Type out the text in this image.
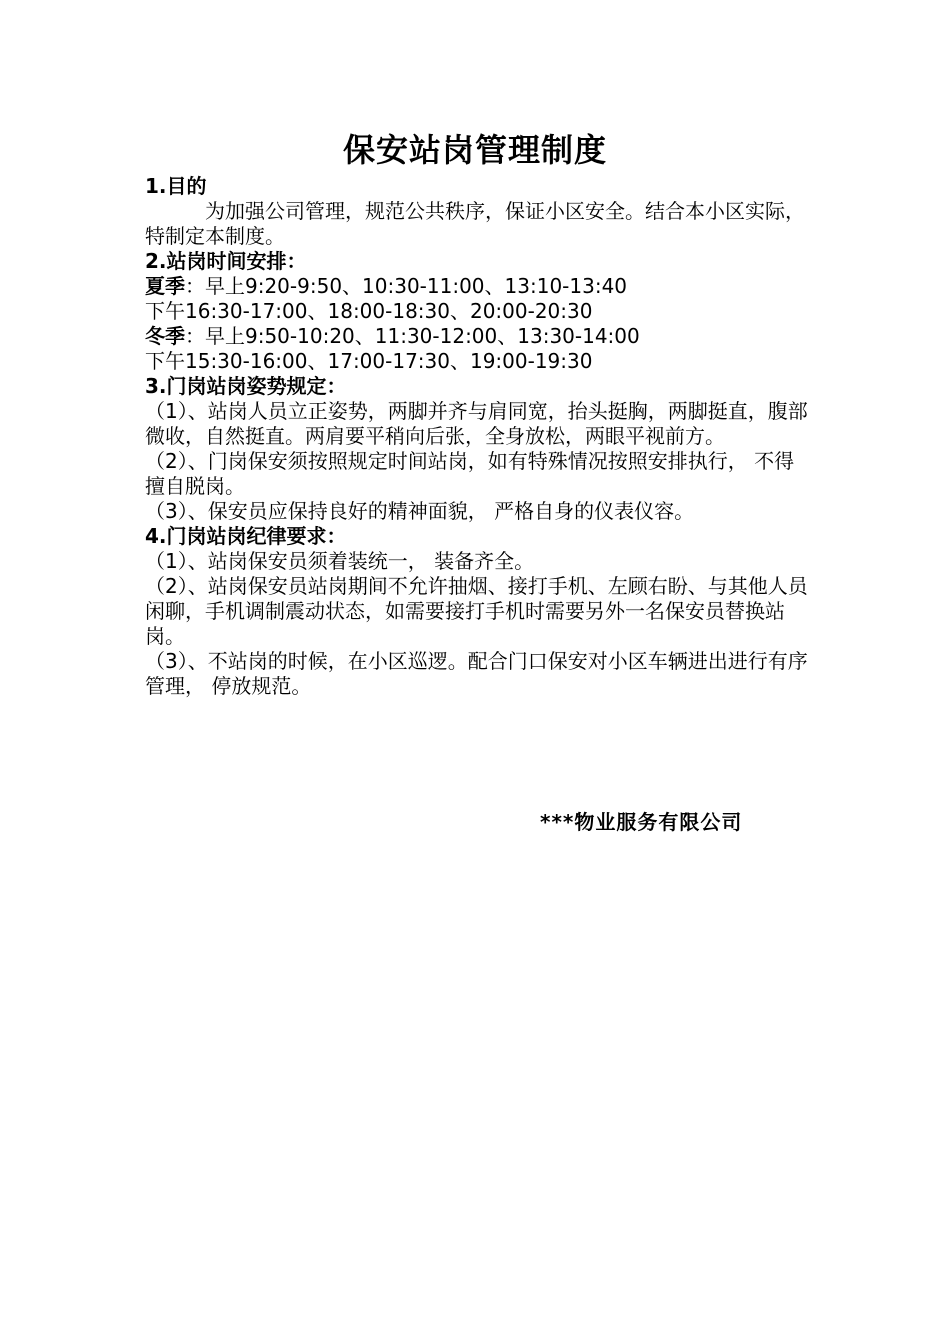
保安站岗管理制度

1.目的

为加强公司管理，规范公共秩序，保证小区安全。结合本小区实际， 特制定本制度。

2.站岗时间安排：

夏季：早上9:20-9:50、10:30-11:00、13:10-13:40

下午16:30-17:00、18:00-18:30、20:00-20:30

冬季：早上9:50-10:20、11:30-12:00、13:30-14:00

下午15:30-16:00、17:00-17:30、19:00-19:30

3.门岗站岗姿势规定：

（1）、站岗人员立正姿势，两脚并齐与肩同宽，抬头挺胸，两脚挺直，腹部微收，自然挺直。两肩要平稍向后张，全身放松，两眼平视前方。

（2）、门岗保安须按照规定时间站岗，如有特殊情况按照安排执行， 不得擅自脱岗。

（3）、保安员应保持良好的精神面貌， 严格自身的仪表仪容。

4.门岗站岗纪律要求：

（1）、站岗保安员须着装统一， 装备齐全。

（2）、站岗保安员站岗期间不允许抽烟、接打手机、左顾右盼、与其他人员闲聊，手机调制震动状态，如需要接打手机时需要另外一名保安员替换站岗。

（3）、不站岗的时候，在小区巡逻。配合门口保安对小区车辆进出进行有序管理， 停放规范。

***物业服务有限公司
